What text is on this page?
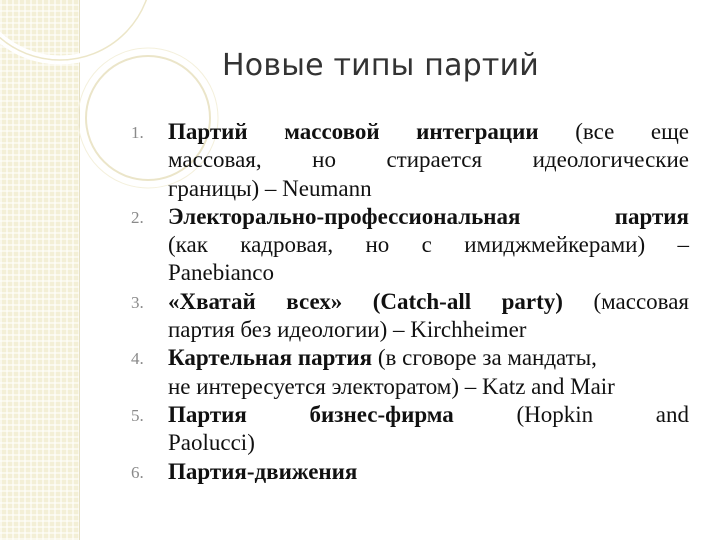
Новые типы партий
1. Партий массовой интеграции (все еще
массовая, но стирается идеологические
границы) – Neumann
2. Электорально-профессиональная партия
(как кадровая, но с имиджмейкерами) –
Panebianco
3. «Хватай всех» (Catch-all party) (массовая
партия без идеологии) – Kirchheimer
4. Картельная партия (в сговоре за мандаты,
не интересуется электоратом) – Katz and Mair
5. Партия бизнес-фирма (Hopkin and
Paolucci)
6. Партия-движения
